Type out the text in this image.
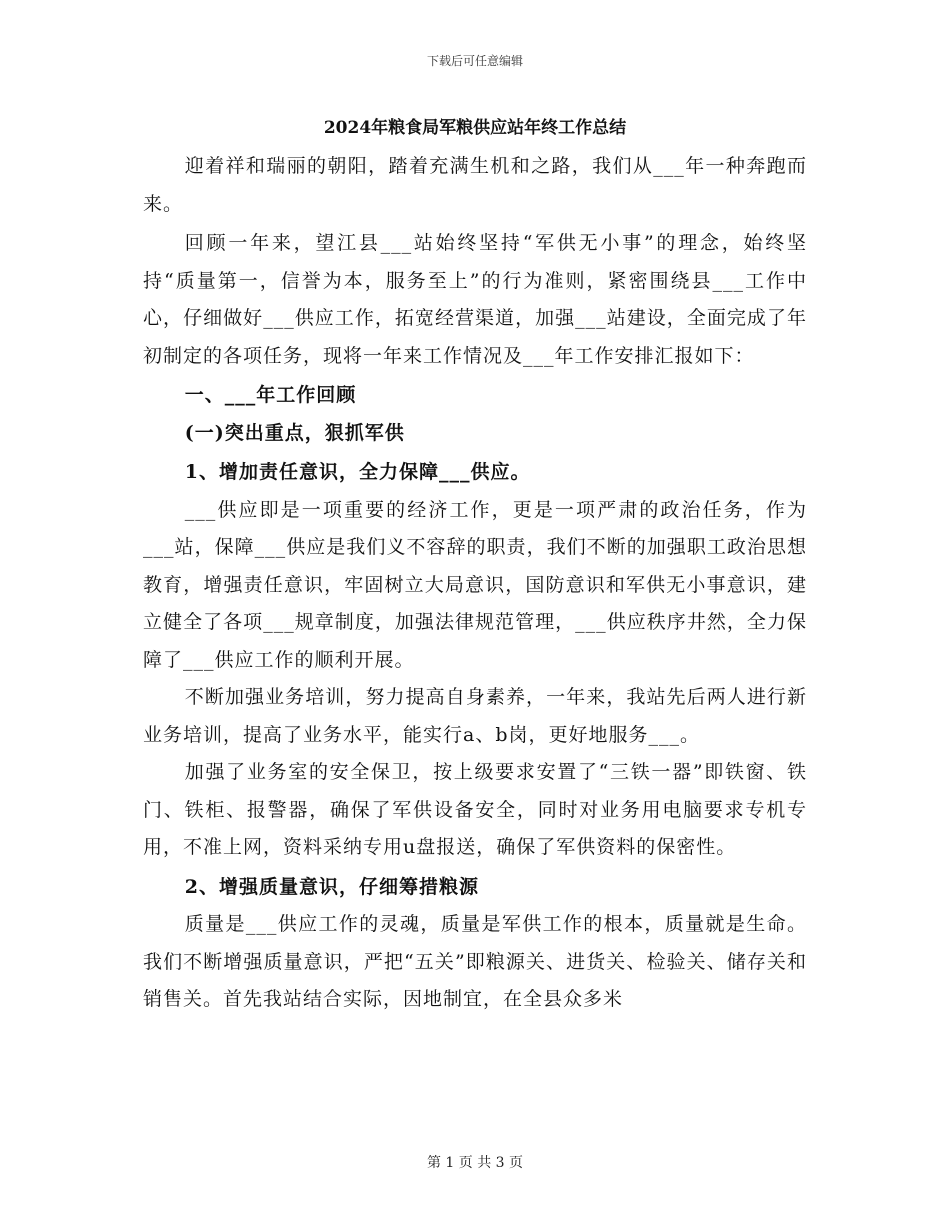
下载后可任意编辑
2024年粮食局军粮供应站年终工作总结

迎着祥和瑞丽的朝阳，踏着充满生机和之路，我们从___年一种奔跑而来。

回顾一年来，望江县___站始终坚持“军供无小事”的理念，始终坚持“质量第一，信誉为本，服务至上”的行为准则，紧密围绕县___工作中心，仔细做好___供应工作，拓宽经营渠道，加强___站建设，全面完成了年初制定的各项任务，现将一年来工作情况及___年工作安排汇报如下：

一、___年工作回顾

(一)突出重点，狠抓军供

1、增加责任意识，全力保障___供应。

___供应即是一项重要的经济工作，更是一项严肃的政治任务，作为___站，保障___供应是我们义不容辞的职责，我们不断的加强职工政治思想教育，增强责任意识，牢固树立大局意识，国防意识和军供无小事意识，建立健全了各项___规章制度，加强法律规范管理，___供应秩序井然，全力保障了___供应工作的顺利开展。

不断加强业务培训，努力提高自身素养，一年来，我站先后两人进行新业务培训，提高了业务水平，能实行a、b岗，更好地服务___。

加强了业务室的安全保卫，按上级要求安置了“三铁一器”即铁窗、铁门、铁柜、报警器，确保了军供设备安全，同时对业务用电脑要求专机专用，不准上网，资料采纳专用u盘报送，确保了军供资料的保密性。

2、增强质量意识，仔细筹措粮源

质量是___供应工作的灵魂，质量是军供工作的根本，质量就是生命。我们不断增强质量意识，严把“五关”即粮源关、进货关、检验关、储存关和销售关。首先我站结合实际，因地制宜，在全县众多米

第 1 页 共 3 页
